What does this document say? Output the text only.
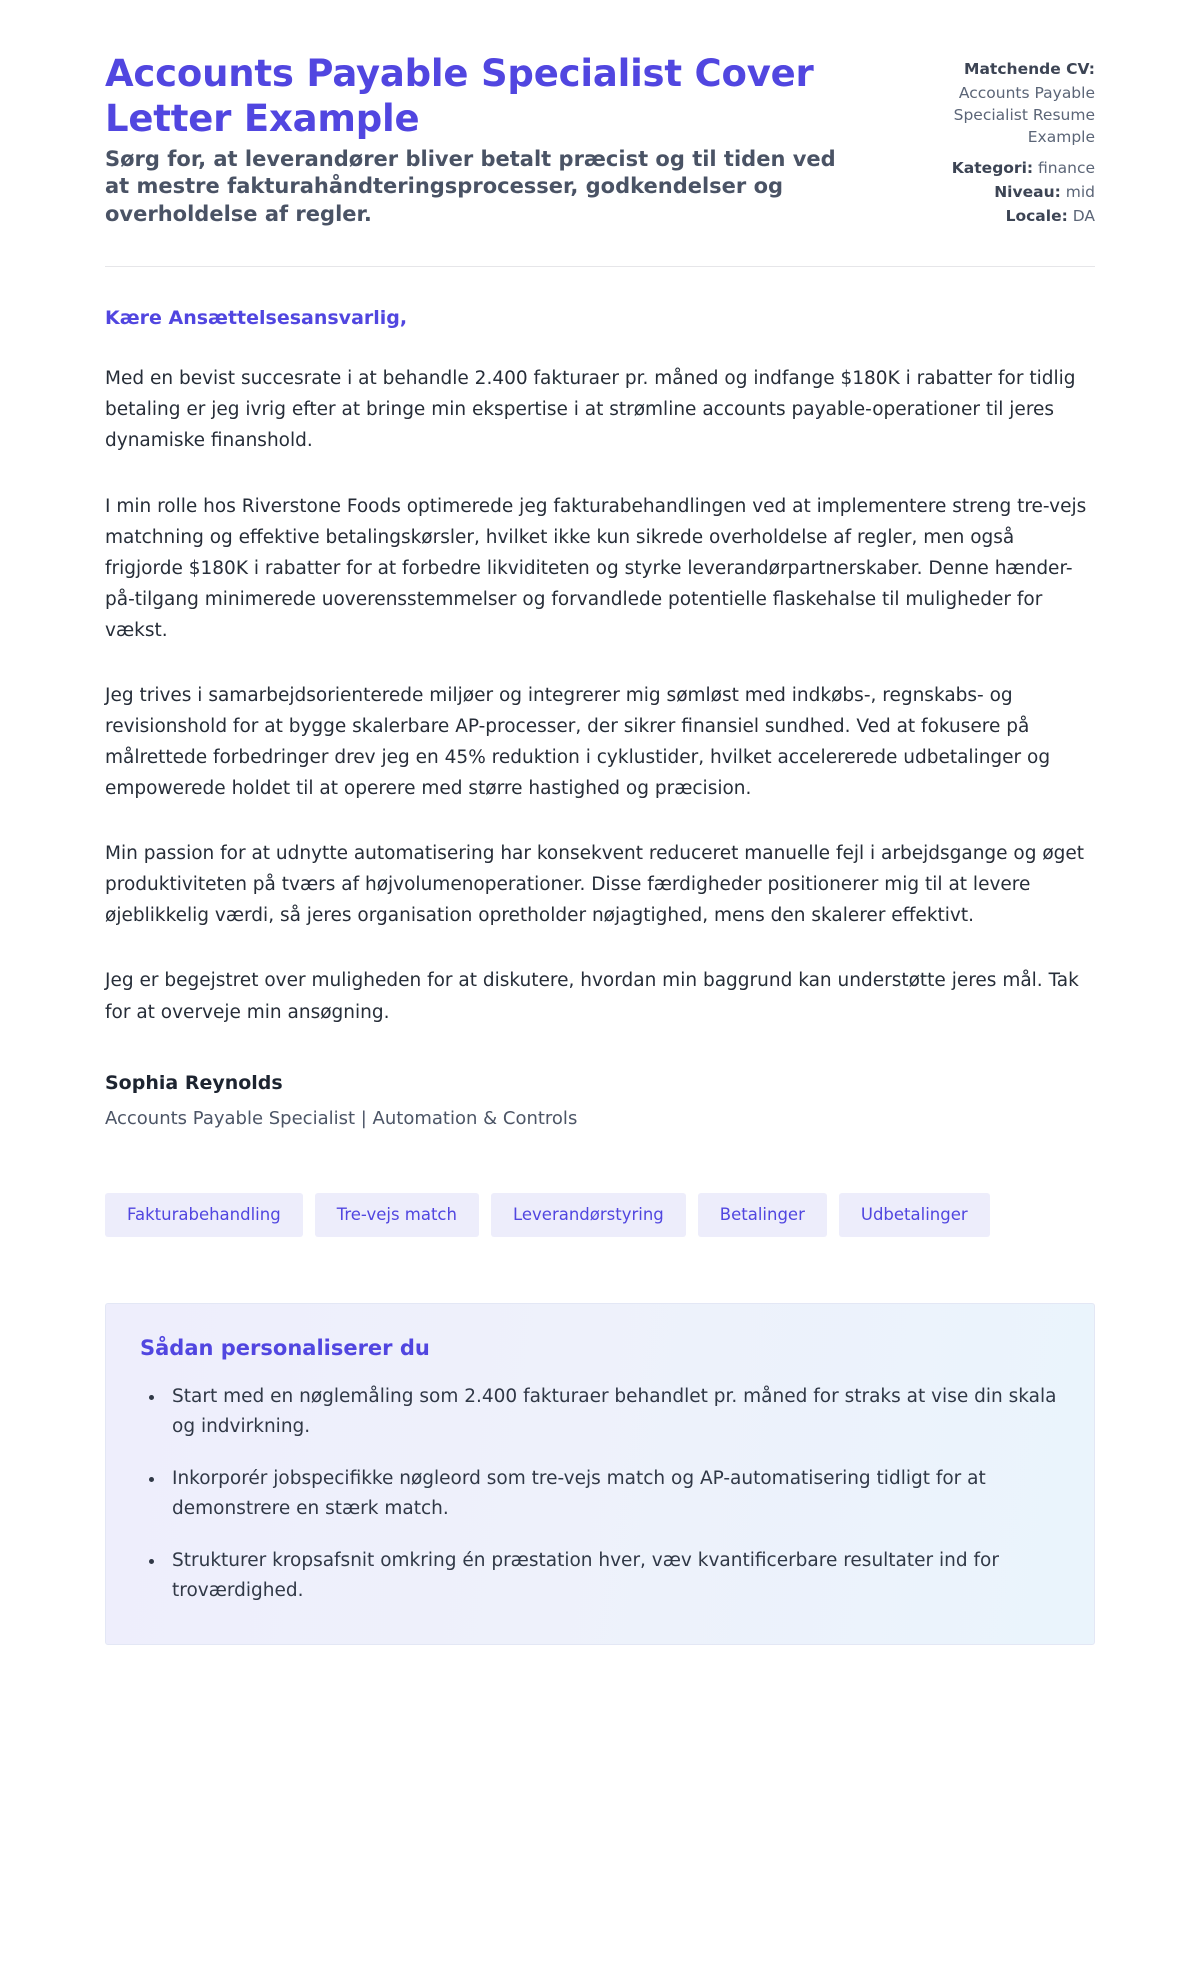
Accounts Payable Specialist Cover Letter Example

Sørg for, at leverandører bliver betalt præcist og til tiden ved at mestre fakturahåndteringsprocesser, godkendelser og overholdelse af regler.

Matchende CV:
Accounts Payable Specialist Resume Example
Kategori: finance
Niveau: mid
Locale: DA

Kære Ansættelsesansvarlig,

Med en bevist succesrate i at behandle 2.400 fakturaer pr. måned og indfange $180K i rabatter for tidlig betaling er jeg ivrig efter at bringe min ekspertise i at strømline accounts payable-operationer til jeres dynamiske finanshold.

I min rolle hos Riverstone Foods optimerede jeg fakturabehandlingen ved at implementere streng tre-vejs matchning og effektive betalingskørsler, hvilket ikke kun sikrede overholdelse af regler, men også frigjorde $180K i rabatter for at forbedre likviditeten og styrke leverandørpartnerskaber. Denne hænder-på-tilgang minimerede uoverensstemmelser og forvandlede potentielle flaskehalse til muligheder for vækst.

Jeg trives i samarbejdsorienterede miljøer og integrerer mig sømløst med indkøbs-, regnskabs- og revisionshold for at bygge skalerbare AP-processer, der sikrer finansiel sundhed. Ved at fokusere på målrettede forbedringer drev jeg en 45% reduktion i cyklustider, hvilket accelererede udbetalinger og empowerede holdet til at operere med større hastighed og præcision.

Min passion for at udnytte automatisering har konsekvent reduceret manuelle fejl i arbejdsgange og øget produktiviteten på tværs af højvolumenoperationer. Disse færdigheder positionerer mig til at levere øjeblikkelig værdi, så jeres organisation opretholder nøjagtighed, mens den skalerer effektivt.

Jeg er begejstret over muligheden for at diskutere, hvordan min baggrund kan understøtte jeres mål. Tak for at overveje min ansøgning.

Sophia Reynolds

Accounts Payable Specialist | Automation & Controls

Fakturabehandling	Tre-vejs match	Leverandørstyring	Betalinger	Udbetalinger
Sådan personaliserer du
• Start med en nøglemåling som 2.400 fakturaer behandlet pr. måned for straks at vise din skala og indvirkning.
• Inkorporér jobspecifikke nøgleord som tre-vejs match og AP-automatisering tidligt for at demonstrere en stærk match.
• Strukturer kropsafsnit omkring én præstation hver, væv kvantificerbare resultater ind for troværdighed.
